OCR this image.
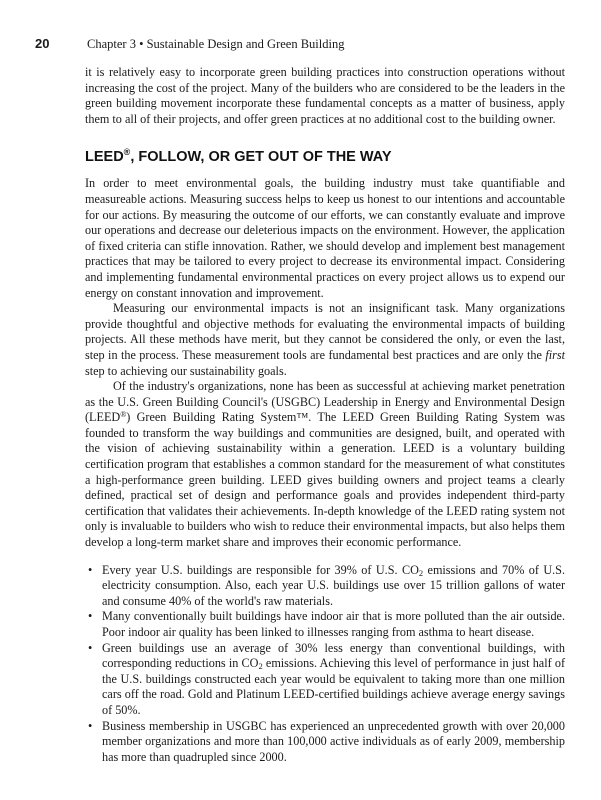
20	Chapter 3 • Sustainable Design and Green Building

it is relatively easy to incorporate green building practices into construction operations without increasing the cost of the project. Many of the builders who are considered to be the leaders in the green building movement incorporate these fundamental concepts as a matter of business, apply them to all of their projects, and offer green practices at no additional cost to the building owner.

LEED®, FOLLOW, OR GET OUT OF THE WAY

In order to meet environmental goals, the building industry must take quantifiable and measureable actions. Measuring success helps to keep us honest to our intentions and accountable for our actions. By measuring the outcome of our efforts, we can constantly evaluate and improve our operations and decrease our deleterious impacts on the environment. However, the application of fixed criteria can stifle innovation. Rather, we should develop and implement best management practices that may be tailored to every project to decrease its environmental impact. Considering and implementing fundamental environmental practices on every project allows us to expend our energy on constant innovation and improvement.

Measuring our environmental impacts is not an insignificant task. Many organizations provide thoughtful and objective methods for evaluating the environmental impacts of building projects. All these methods have merit, but they cannot be considered the only, or even the last, step in the process. These measurement tools are fundamental best practices and are only the first step to achieving our sustainability goals.

Of the industry's organizations, none has been as successful at achieving market penetration as the U.S. Green Building Council's (USGBC) Leadership in Energy and Environmental Design (LEED®) Green Building Rating System™. The LEED Green Building Rating System was founded to transform the way buildings and communities are designed, built, and operated with the vision of achieving sustainability within a generation. LEED is a voluntary building certification program that establishes a common standard for the measurement of what constitutes a high-performance green building. LEED gives building owners and project teams a clearly defined, practical set of design and performance goals and provides independent third-party certification that validates their achievements. In-depth knowledge of the LEED rating system not only is invaluable to builders who wish to reduce their environmental impacts, but also helps them develop a long-term market share and improves their economic performance.

• Every year U.S. buildings are responsible for 39% of U.S. $CO_2$ emissions and 70% of U.S. electricity consumption. Also, each year U.S. buildings use over 15 trillion gallons of water and consume 40% of the world's raw materials.
• Many conventionally built buildings have indoor air that is more polluted than the air outside. Poor indoor air quality has been linked to illnesses ranging from asthma to heart disease.
• Green buildings use an average of 30% less energy than conventional buildings, with corresponding reductions in $CO_2$ emissions. Achieving this level of performance in just half of the U.S. buildings constructed each year would be equivalent to taking more than one million cars off the road. Gold and Platinum LEED-certified buildings achieve average energy savings of 50%.
• Business membership in USGBC has experienced an unprecedented growth with over 20,000 member organizations and more than 100,000 active individuals as of early 2009, membership has more than quadrupled since 2000.
